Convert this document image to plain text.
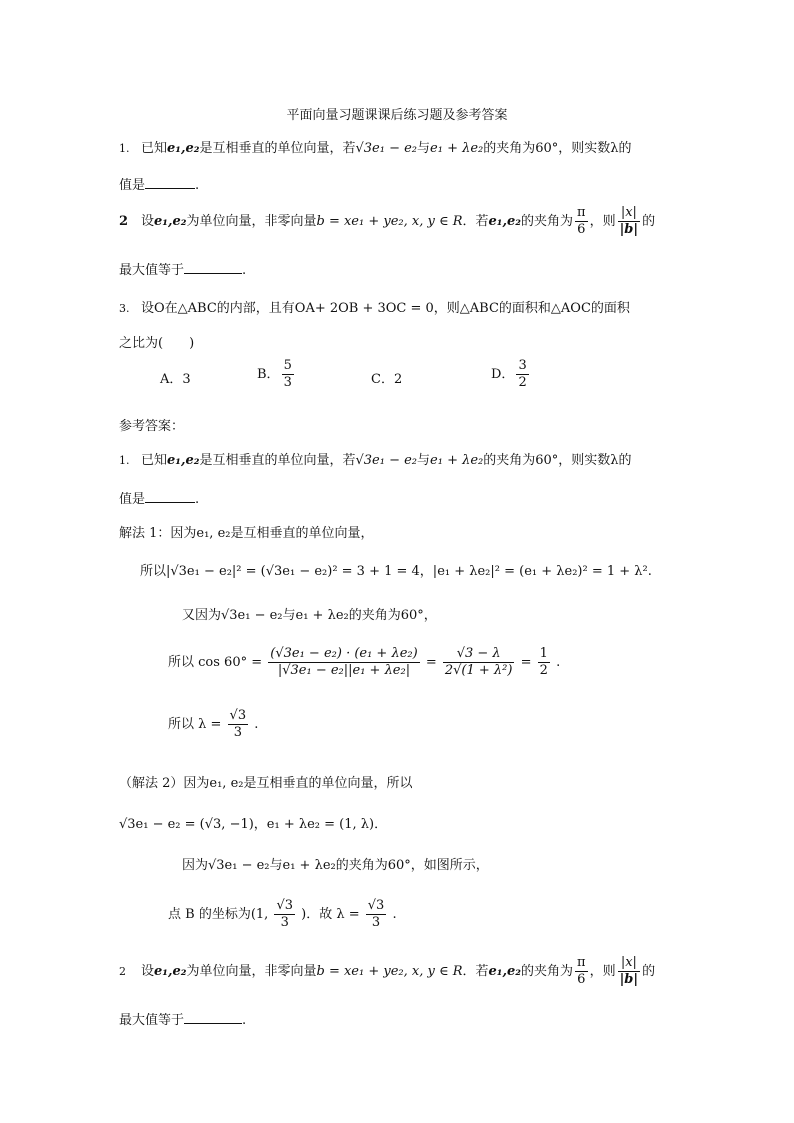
平面向量习题课课后练习题及参考答案
1. 已知e₁,e₂是互相垂直的单位向量，若√3e₁ − e₂与e₁ + λe₂的夹角为60°，则实数λ的
值是	.
2 设e₁,e₂为单位向量，非零向量b = xe₁ + ye₂, x, y ∈ R．若e₁,e₂的夹角为 $\frac{\pi}{6}$ ，则 $\frac{|x|}{|b|}$ 的
最大值等于	.
3. 设O在△ABC的内部，且有OA+ 2OB + 3OC = 0，则△ABC的面积和△AOC的面积
之比为(　　)
A．3	B． $\frac{5}{3}$	C．2	D． $\frac{3}{2}$
参考答案：
1. 已知e₁,e₂是互相垂直的单位向量，若√3e₁ − e₂与e₁ + λe₂的夹角为60°，则实数λ的
值是	.
解法 1：因为e₁, e₂是互相垂直的单位向量，
所以|√3e₁ − e₂|² = (√3e₁ − e₂)² = 3 + 1 = 4，|e₁ + λe₂|² = (e₁ + λe₂)² = 1 + λ².
又因为√3e₁ − e₂与e₁ + λe₂的夹角为60°，
所以 $\cos 60^\circ = \frac{\text{(√3e₁ − e₂) · (e₁ + λe₂)}}{\text{|√3e₁ − e₂||e₁ + λe₂|}} = \frac{√3 - \lambda}{\text{2√(1 + λ²)}} = \frac{1}{2}$ .
所以 $\lambda = \frac{√3}{3}$ .
（解法 2）因为e₁, e₂是互相垂直的单位向量，所以
√3e₁ − e₂ = (√3, −1)，e₁ + λe₂ = (1, λ)．
因为√3e₁ − e₂与e₁ + λe₂的夹角为60°，如图所示，
点 B 的坐标为(1, $\frac{√3}{3}$ )．故 $\lambda = \frac{√3}{3}$ .
2 设e₁,e₂为单位向量，非零向量b = xe₁ + ye₂, x, y ∈ R．若e₁,e₂的夹角为 $\frac{\pi}{6}$ ，则 $\frac{|x|}{|b|}$ 的
最大值等于	.
